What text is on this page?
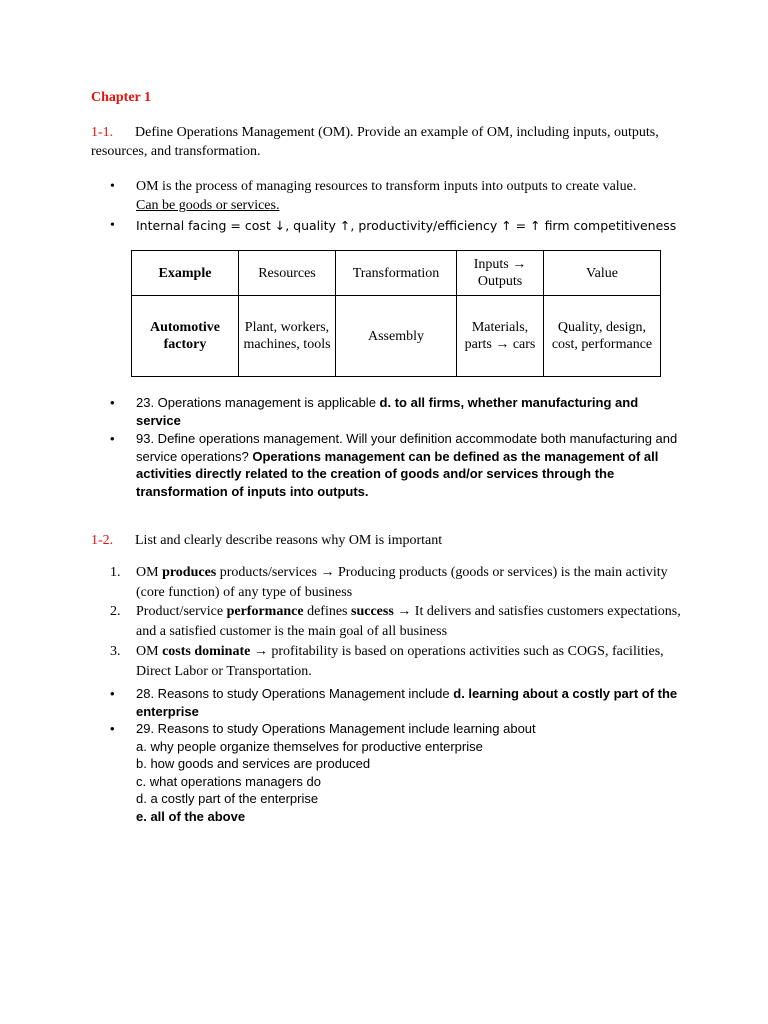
Chapter 1
1-1. Define Operations Management (OM). Provide an example of OM, including inputs, outputs, resources, and transformation.
•	OM is the process of managing resources to transform inputs into outputs to create value.
Can be goods or services.
•	Internal facing = cost ↓, quality ↑, productivity/efficiency ↑ = ↑ firm competitiveness
Example	Resources	Transformation	Inputs → Outputs	Value
Automotive factory	Plant, workers, machines, tools	Assembly	Materials, parts → cars	Quality, design, cost, performance
•	23. Operations management is applicable d. to all firms, whether manufacturing and service
•	93. Define operations management. Will your definition accommodate both manufacturing and service operations? Operations management can be defined as the management of all activities directly related to the creation of goods and/or services through the transformation of inputs into outputs.
1-2. List and clearly describe reasons why OM is important
1. OM produces products/services → Producing products (goods or services) is the main activity (core function) of any type of business
2. Product/service performance defines success → It delivers and satisfies customers expectations, and a satisfied customer is the main goal of all business
3. OM costs dominate → profitability is based on operations activities such as COGS, facilities, Direct Labor or Transportation.
•	28. Reasons to study Operations Management include d. learning about a costly part of the enterprise
•	29. Reasons to study Operations Management include learning about
a. why people organize themselves for productive enterprise
b. how goods and services are produced
c. what operations managers do
d. a costly part of the enterprise
e. all of the above
